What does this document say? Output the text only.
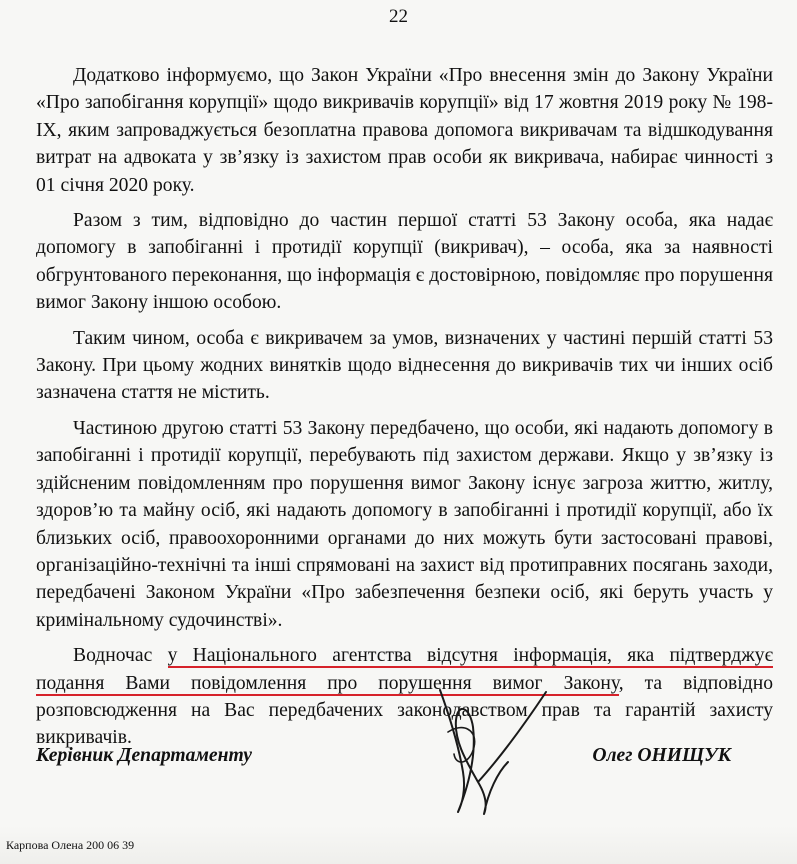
22

Додатково інформуємо, що Закон України «Про внесення змін до Закону України «Про запобігання корупції» щодо викривачів корупції» від 17 жовтня 2019 року № 198-IX, яким запроваджується безоплатна правова допомога викривачам та відшкодування витрат на адвоката у зв’язку із захистом прав особи як викривача, набирає чинності з 01 січня 2020 року.

Разом з тим, відповідно до частин першої статті 53 Закону особа, яка надає допомогу в запобіганні і протидії корупції (викривач), – особа, яка за наявності обгрунтованого переконання, що інформація є достовірною, повідомляє про порушення вимог Закону іншою особою.

Таким чином, особа є викривачем за умов, визначених у частині першій статті 53 Закону. При цьому жодних винятків щодо віднесення до викривачів тих чи інших осіб зазначена стаття не містить.

Частиною другою статті 53 Закону передбачено, що особи, які надають допомогу в запобіганні і протидії корупції, перебувають під захистом держави. Якщо у зв’язку із здійсненим повідомленням про порушення вимог Закону існує загроза життю, житлу, здоров’ю та майну осіб, які надають допомогу в запобіганні і протидії корупції, або їх близьких осіб, правоохоронними органами до них можуть бути застосовані правові, організаційно-технічні та інші спрямовані на захист від протиправних посягань заходи, передбачені Законом України «Про забезпечення безпеки осіб, які беруть участь у кримінальному судочинстві».

Водночас у Національного агентства відсутня інформація, яка підтверджує подання Вами повідомлення про порушення вимог Закону, та відповідно розповсюдження на Вас передбачених законодавством прав та гарантій захисту викривачів.

Керівник Департаменту	Олег ОНИЩУК
Карпова Олена 200 06 39
